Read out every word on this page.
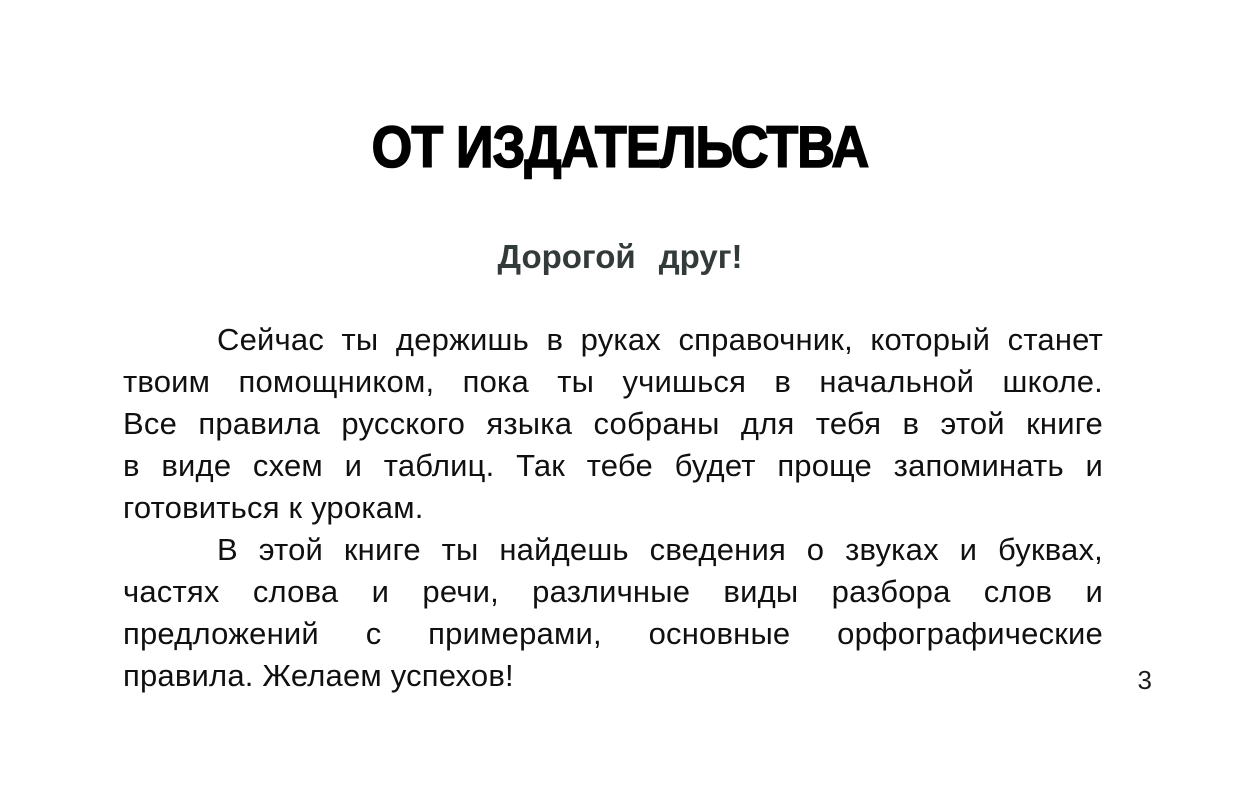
ОТ ИЗДАТЕЛЬСТВА
Дорогой друг!

Сейчас ты держишь в руках справочник, который станет
твоим помощником, пока ты учишься в начальной школе.
Все правила русского языка собраны для тебя в этой книге
в виде схем и таблиц. Так тебе будет проще запоминать и
готовиться к урокам.

В этой книге ты найдешь сведения о звуках и буквах,
частях слова и речи, различные виды разбора слов и
предложений с примерами, основные орфографические
правила. Желаем успехов!	3
